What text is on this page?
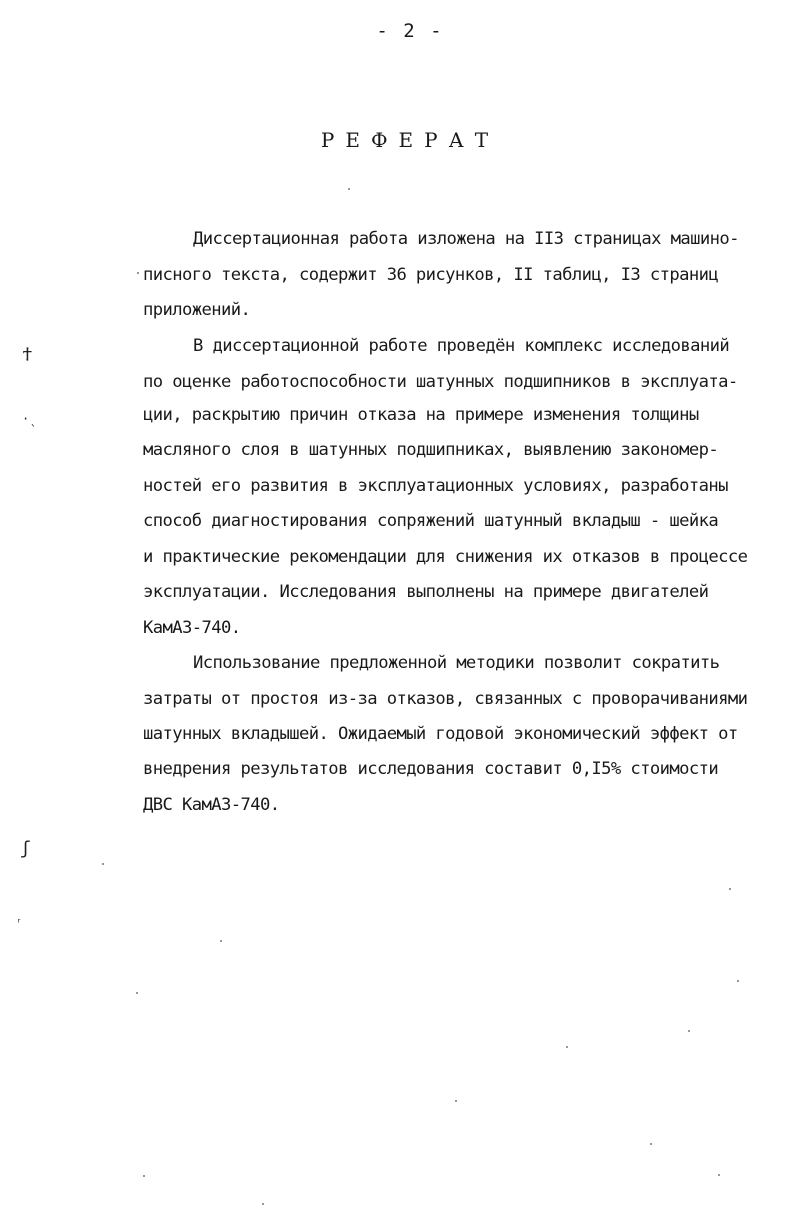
- 2 -
РЕФЕРАТ
Диссертационная работа изложена на II3 страницах машино-
писного текста, содержит 36 рисунков, II таблиц, I3 страниц
приложений.
В диссертационной работе проведён комплекс исследований
по оценке работоспособности шатунных подшипников в эксплуата-
ции, раскрытию причин отказа на примере изменения толщины
масляного слоя в шатунных подшипниках, выявлению закономер-
ностей его развития в эксплуатационных условиях, разработаны
способ диагностирования сопряжений шатунный вкладыш - шейка
и практические рекомендации для снижения их отказов в процессе
эксплуатации. Исследования выполнены на примере двигателей
КамАЗ-740.
Использование предложенной методики позволит сократить
затраты от простоя из-за отказов, связанных с проворачиваниями
шатунных вкладышей. Ожидаемый годовой экономический эффект от
внедрения результатов исследования составит 0,I5% стоимости
ДВС КамАЗ-740.
ϯ
·ˎ
ʃ
ʳ
